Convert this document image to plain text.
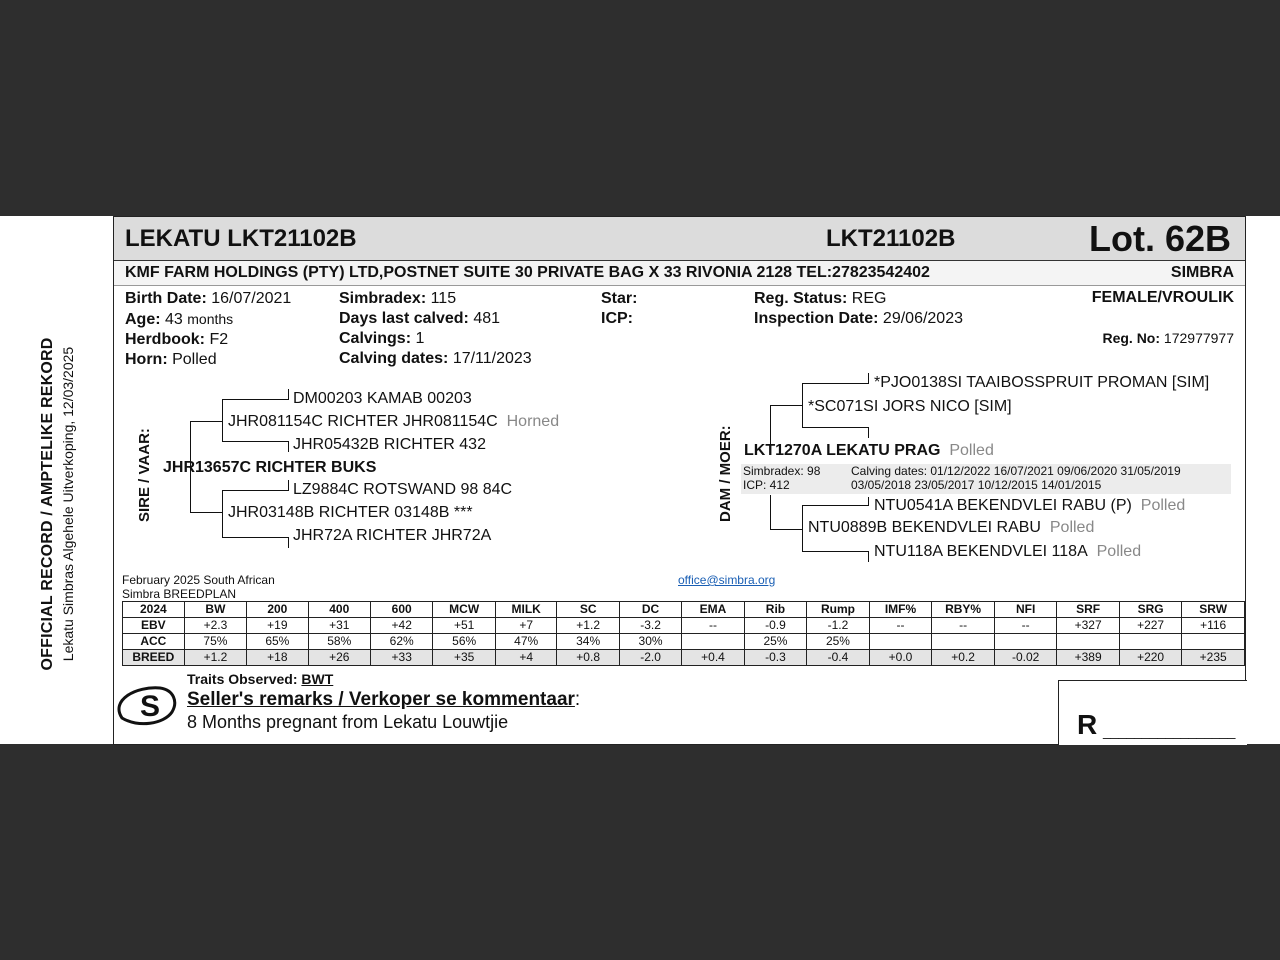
OFFICIAL RECORD / AMPTELIKE REKORD Lekatu Simbras Algehele Uitverkoping, 12/03/2025
LEKATU LKT21102B	LKT21102B	Lot. 62B
KMF FARM HOLDINGS (PTY) LTD,POSTNET SUITE 30 PRIVATE BAG X 33 RIVONIA 2128 TEL:27823542402	SIMBRA
Birth Date: 16/07/2021
Age: 43 months
Herdbook: F2
Horn: Polled
Simbradex: 115
Days last calved: 481
Calvings: 1
Calving dates: 17/11/2023
Star:
ICP:
Reg. Status: REG
Inspection Date: 29/06/2023
FEMALE/VROULIK
Reg. No: 172977977
SIRE / VAAR:
DM00203 KAMAB 00203
JHR081154C RICHTER JHR081154C Horned
JHR05432B RICHTER 432
JHR13657C RICHTER BUKS
LZ9884C ROTSWAND 98 84C
JHR03148B RICHTER 03148B ***
JHR72A RICHTER JHR72A
DAM / MOER:
*PJO0138SI TAAIBOSSPRUIT PROMAN [SIM]
*SC071SI JORS NICO [SIM]
LKT1270A LEKATU PRAG Polled
Simbradex: 98
ICP: 412
Calving dates: 01/12/2022 16/07/2021 09/06/2020 31/05/2019
03/05/2018 23/05/2017 10/12/2015 14/01/2015
NTU0541A BEKENDVLEI RABU (P) Polled
NTU0889B BEKENDVLEI RABU Polled
NTU118A BEKENDVLEI 118A Polled
February 2025 South African
Simbra BREEDPLAN
office@simbra.org
2024	BW	200	400	600	MCW	MILK	SC	DC	EMA	Rib	Rump	IMF%	RBY%	NFI	SRF	SRG	SRW
EBV	+2.3	+19	+31	+42	+51	+7	+1.2	-3.2	--	-0.9	-1.2	--	--	--	+327	+227	+116
ACC	75%	65%	58%	62%	56%	47%	34%	30%		25%	25%						
BREED	+1.2	+18	+26	+33	+35	+4	+0.8	-2.0	+0.4	-0.3	-0.4	+0.0	+0.2	-0.02	+389	+220	+235
S
Traits Observed: BWT
Seller's remarks / Verkoper se kommentaar:
8 Months pregnant from Lekatu Louwtjie	R _________________
